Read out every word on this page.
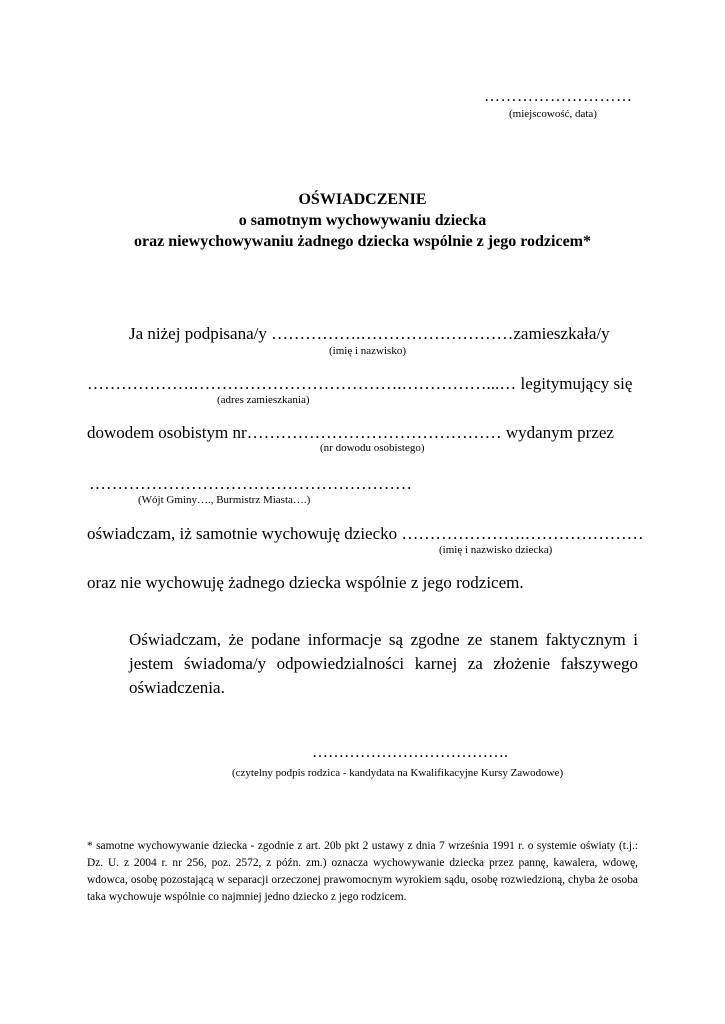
………………………
(miejscowość, data)
OŚWIADCZENIE
o samotnym wychowywaniu dziecka
oraz niewychowywaniu żadnego dziecka wspólnie z jego rodzicem*
Ja niżej podpisana/y …………….………………………zamieszkała/y
(imię i nazwisko)
……………….……………………………….……………...… legitymujący się
(adres zamieszkania)
dowodem osobistym nr……………………………………… wydanym przez
(nr dowodu osobistego)
…………………………………………………
(Wójt Gminy…., Burmistrz Miasta….)
oświadczam, iż samotnie wychowuję dziecko ………………….…………………
(imię i nazwisko dziecka)
oraz nie wychowuję żadnego dziecka wspólnie z jego rodzicem.
Oświadczam, że podane informacje są zgodne ze stanem faktycznym i jestem świadoma/y odpowiedzialności karnej za złożenie fałszywego oświadczenia.
……………………………….
(czytelny podpis rodzica - kandydata na Kwalifikacyjne Kursy Zawodowe)
* samotne wychowywanie dziecka - zgodnie z art. 20b pkt 2 ustawy z dnia 7 września 1991 r. o systemie oświaty (t.j.: Dz. U. z 2004 r. nr 256, poz. 2572, z późn. zm.) oznacza wychowywanie dziecka przez pannę, kawalera, wdowę, wdowca, osobę pozostającą w separacji orzeczonej prawomocnym wyrokiem sądu, osobę rozwiedzioną, chyba że osoba taka wychowuje wspólnie co najmniej jedno dziecko z jego rodzicem.
